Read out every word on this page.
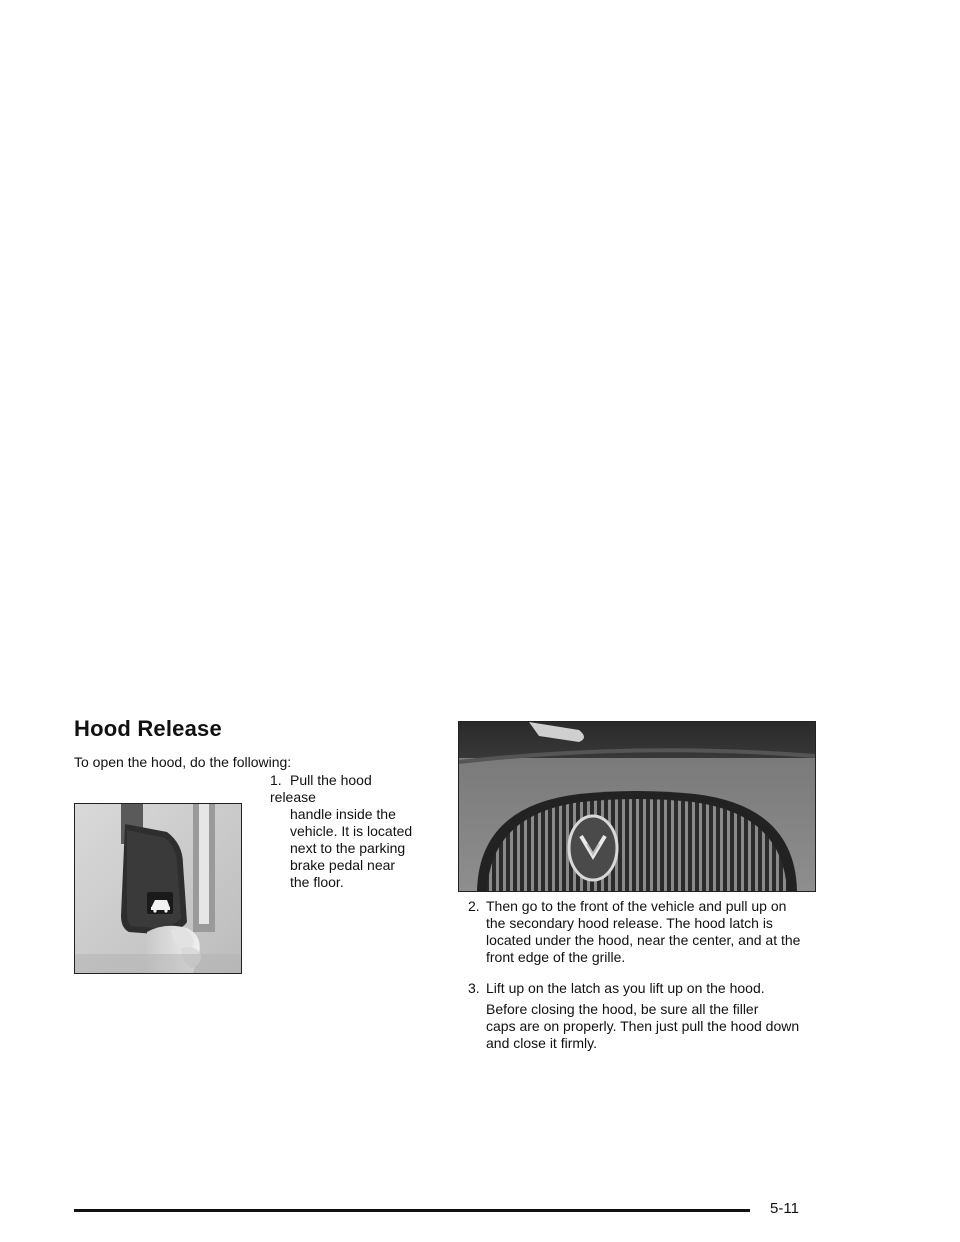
Hood Release
To open the hood, do the following:
1. Pull the hood release
handle inside the
vehicle. It is located
next to the parking
brake pedal near
the floor.
2. Then go to the front of the vehicle and pull up on
the secondary hood release. The hood latch is
located under the hood, near the center, and at the
front edge of the grille.
3. Lift up on the latch as you lift up on the hood.
Before closing the hood, be sure all the filler
caps are on properly. Then just pull the hood down
and close it firmly.
5-11
